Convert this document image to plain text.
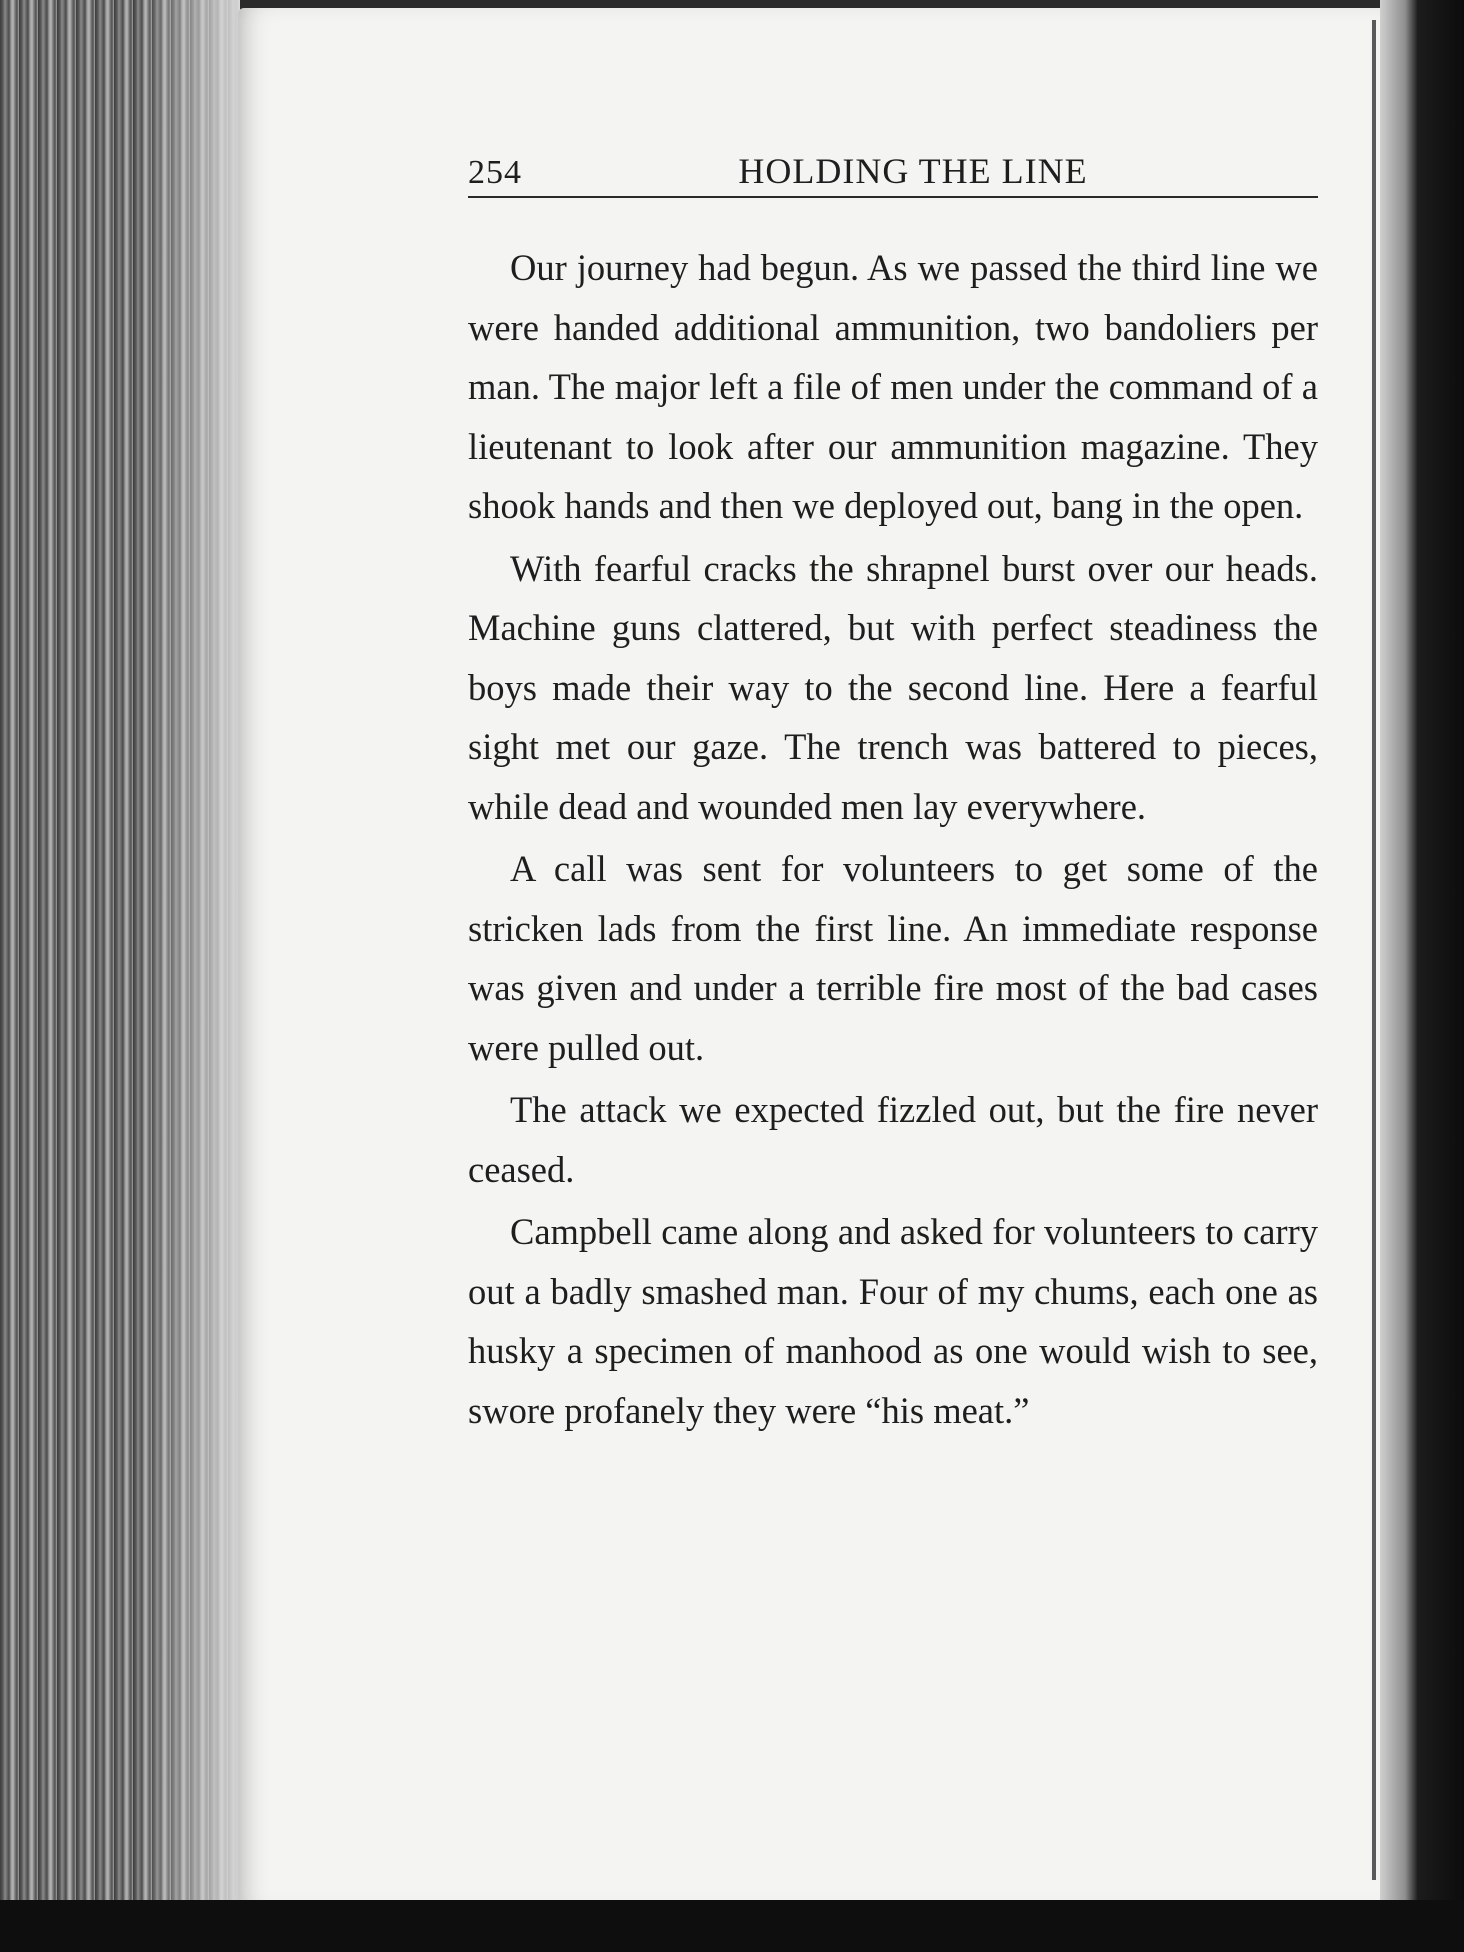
254	HOLDING THE LINE

Our journey had begun. As we passed the third line we were handed additional ammunition, two bandoliers per man. The major left a file of men under the command of a lieutenant to look after our ammunition magazine. They shook hands and then we deployed out, bang in the open.

With fearful cracks the shrapnel burst over our heads. Machine guns clattered, but with perfect steadiness the boys made their way to the second line. Here a fearful sight met our gaze. The trench was battered to pieces, while dead and wounded men lay everywhere.

A call was sent for volunteers to get some of the stricken lads from the first line. An immediate response was given and under a terrible fire most of the bad cases were pulled out.

The attack we expected fizzled out, but the fire never ceased.

Campbell came along and asked for volunteers to carry out a badly smashed man. Four of my chums, each one as husky a specimen of manhood as one would wish to see, swore profanely they were “his meat.”
